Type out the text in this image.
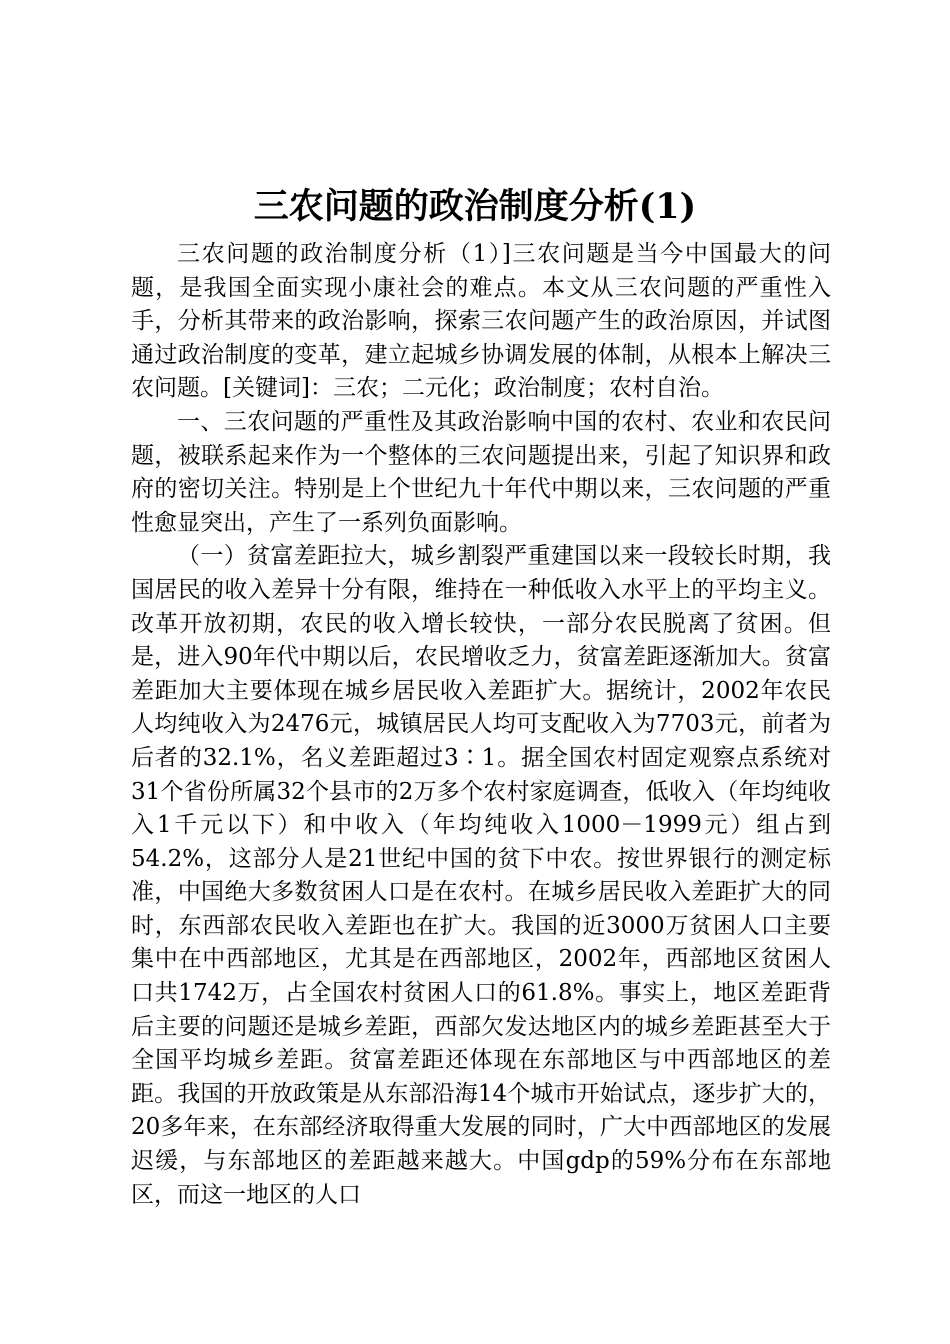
三农问题的政治制度分析(1)

三农问题的政治制度分析（1）]三农问题是当今中国最大的问题，是我国全面实现小康社会的难点。本文从三农问题的严重性入手，分析其带来的政治影响，探索三农问题产生的政治原因，并试图通过政治制度的变革，建立起城乡协调发展的体制，从根本上解决三农问题。[关键词]：三农；二元化；政治制度；农村自治。

一、三农问题的严重性及其政治影响中国的农村、农业和农民问题，被联系起来作为一个整体的三农问题提出来，引起了知识界和政府的密切关注。特别是上个世纪九十年代中期以来，三农问题的严重性愈显突出，产生了一系列负面影响。

（一）贫富差距拉大，城乡割裂严重建国以来一段较长时期，我国居民的收入差异十分有限，维持在一种低收入水平上的平均主义。改革开放初期，农民的收入增长较快，一部分农民脱离了贫困。但是，进入90年代中期以后，农民增收乏力，贫富差距逐渐加大。贫富差距加大主要体现在城乡居民收入差距扩大。据统计，2002年农民人均纯收入为2476元，城镇居民人均可支配收入为7703元，前者为后者的32.1%，名义差距超过3∶1。据全国农村固定观察点系统对31个省份所属32个县市的2万多个农村家庭调查，低收入（年均纯收入1千元以下）和中收入（年均纯收入1000－1999元）组占到54.2%，这部分人是21世纪中国的贫下中农。按世界银行的测定标准，中国绝大多数贫困人口是在农村。在城乡居民收入差距扩大的同时，东西部农民收入差距也在扩大。我国的近3000万贫困人口主要集中在中西部地区，尤其是在西部地区，2002年，西部地区贫困人口共1742万，占全国农村贫困人口的61.8%。事实上，地区差距背后主要的问题还是城乡差距，西部欠发达地区内的城乡差距甚至大于全国平均城乡差距。贫富差距还体现在东部地区与中西部地区的差距。我国的开放政策是从东部沿海14个城市开始试点，逐步扩大的，20多年来，在东部经济取得重大发展的同时，广大中西部地区的发展迟缓，与东部地区的差距越来越大。中国gdp的59%分布在东部地区，而这一地区的人口
